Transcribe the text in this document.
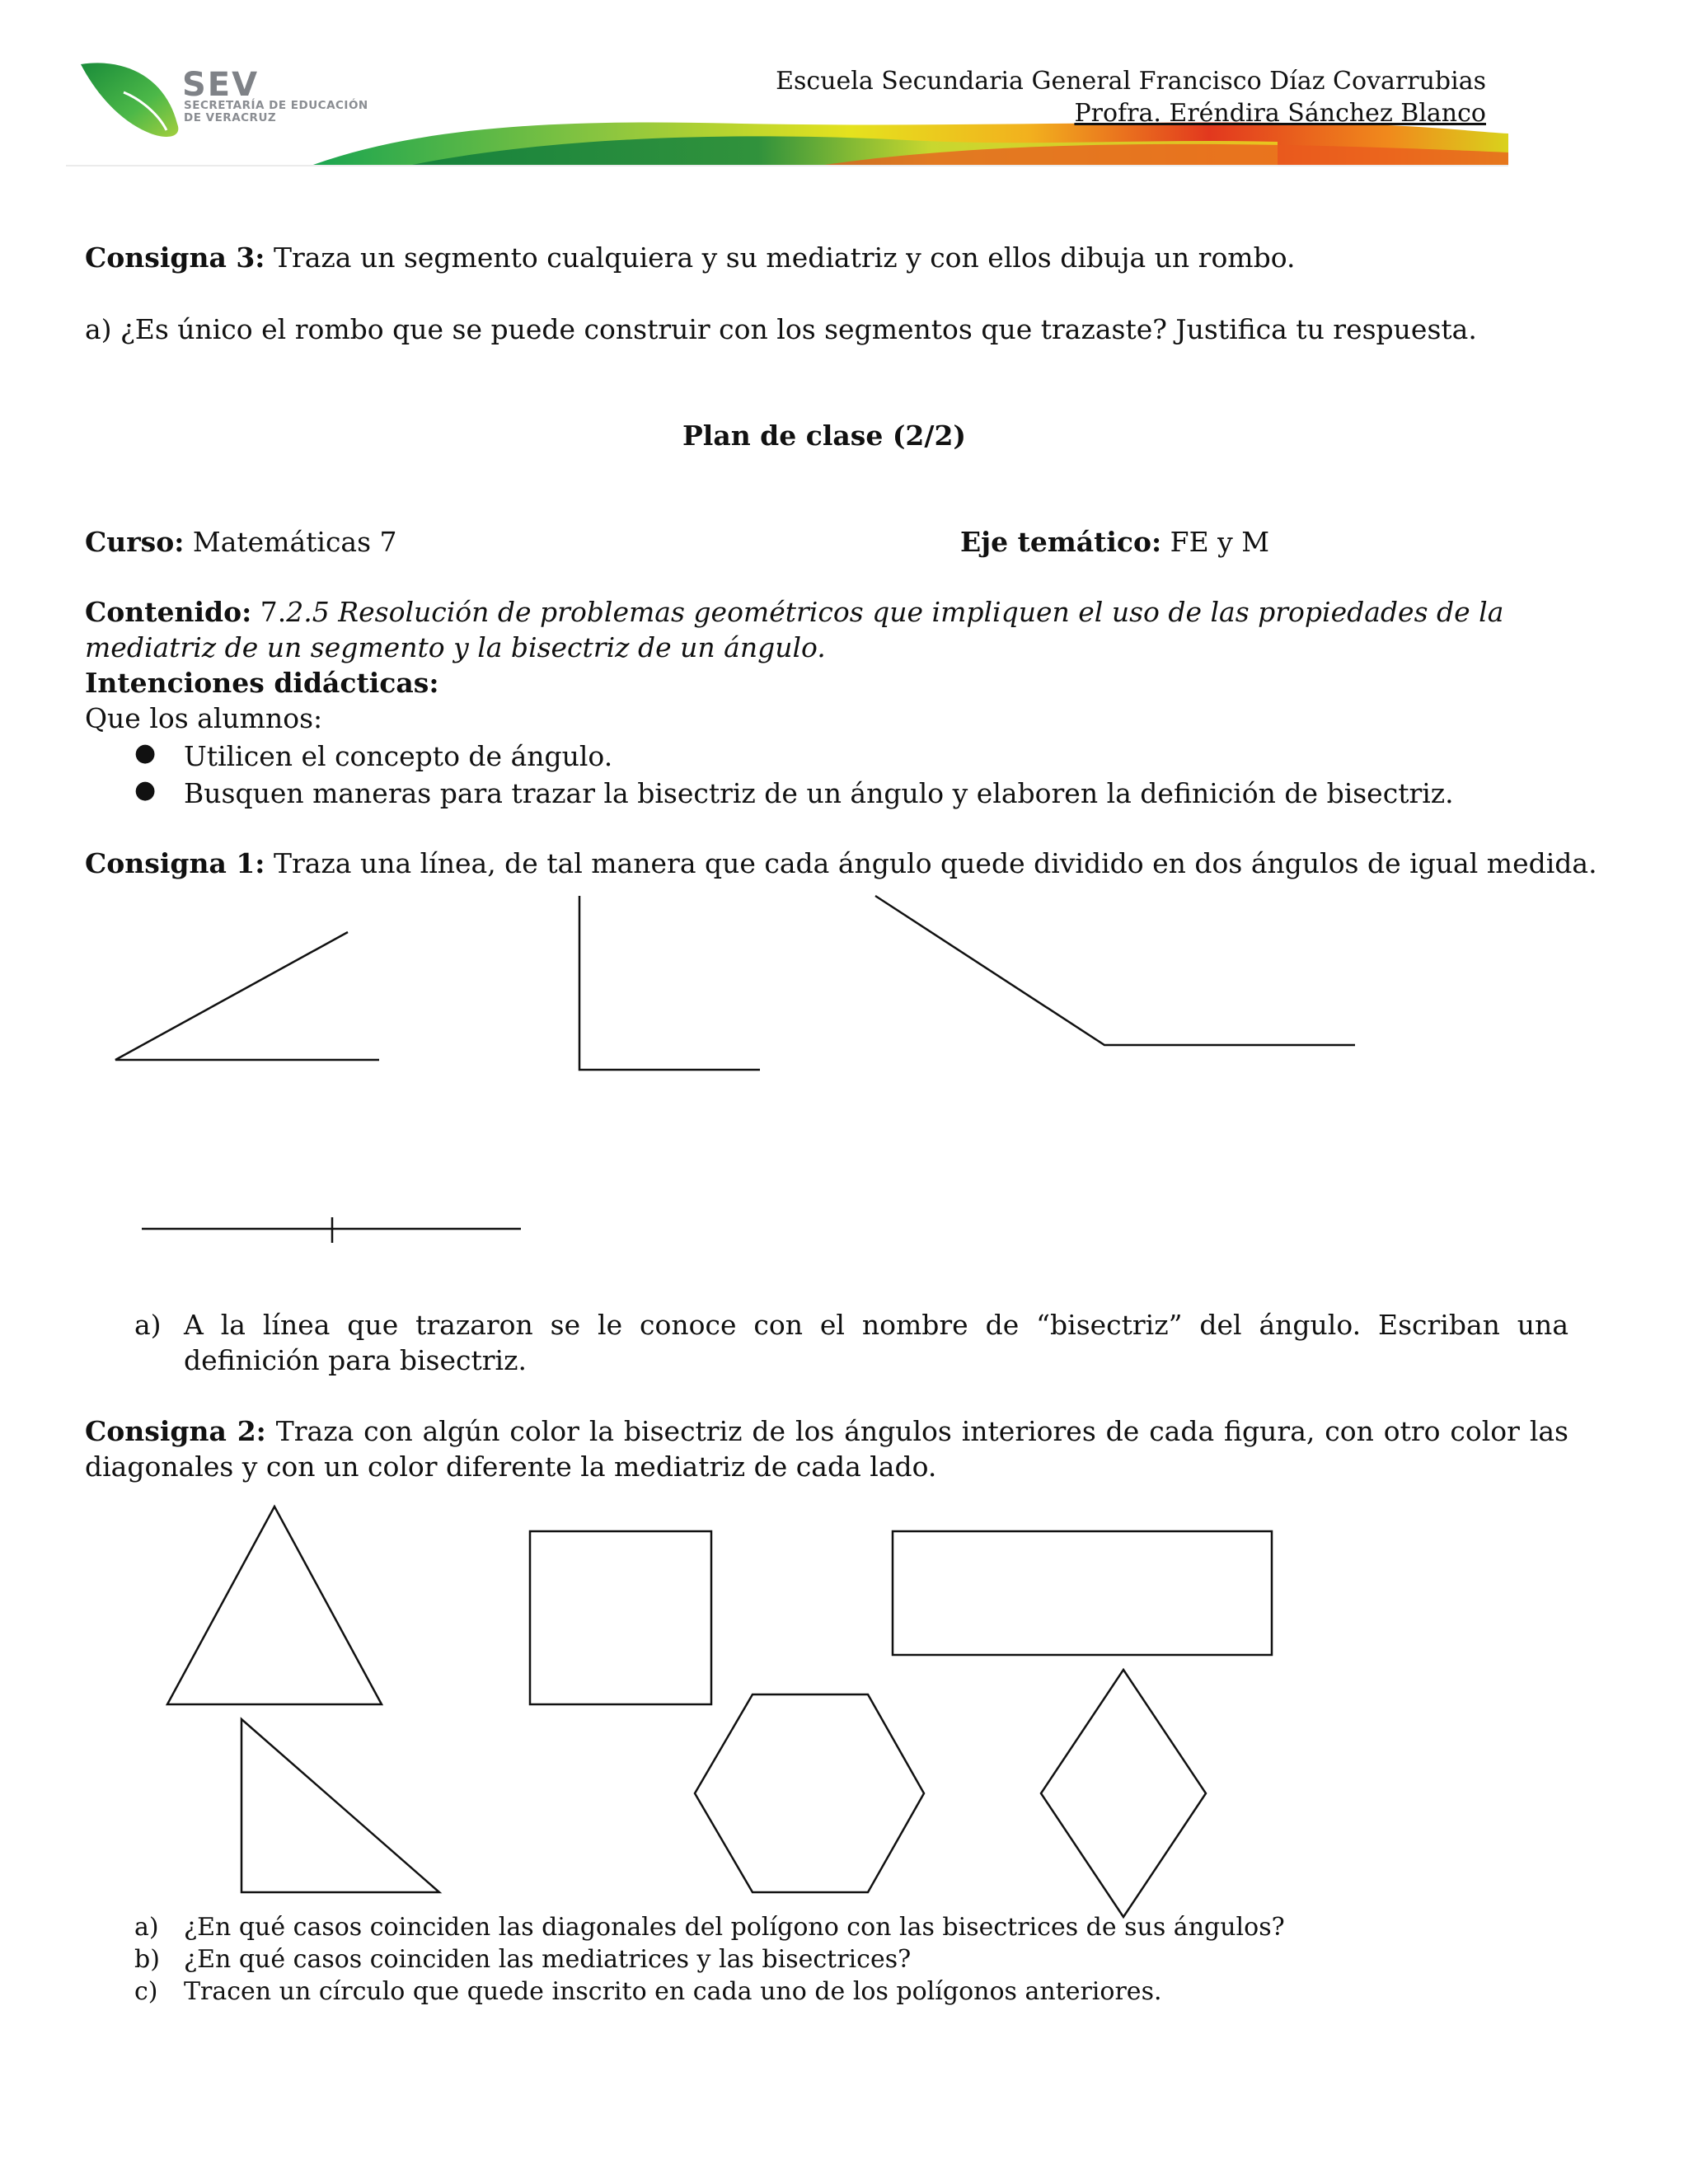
SEV
SECRETARÍA DE EDUCACIÓN
DE VERACRUZ
Escuela Secundaria General Francisco Díaz Covarrubias
Profra. Eréndira Sánchez Blanco
Consigna 3: Traza un segmento cualquiera y su mediatriz y con ellos dibuja un rombo.
a) ¿Es único el rombo que se puede construir con los segmentos que trazaste? Justifica tu respuesta.
Plan de clase (2/2)
Curso: Matemáticas 7	Eje temático: FE y M
Contenido: 7.2.5 Resolución de problemas geométricos que impliquen el uso de las propiedades de la mediatriz de un segmento y la bisectriz de un ángulo.
Intenciones didácticas:
Que los alumnos:
● Utilicen el concepto de ángulo.
● Busquen maneras para trazar la bisectriz de un ángulo y elaboren la definición de bisectriz.
Consigna 1: Traza una línea, de tal manera que cada ángulo quede dividido en dos ángulos de igual medida.
a) A la línea que trazaron se le conoce con el nombre de “bisectriz” del ángulo. Escriban una definición para bisectriz.
Consigna 2: Traza con algún color la bisectriz de los ángulos interiores de cada figura, con otro color las diagonales y con un color diferente la mediatriz de cada lado.
a) ¿En qué casos coinciden las diagonales del polígono con las bisectrices de sus ángulos?
b) ¿En qué casos coinciden las mediatrices y las bisectrices?
c) Tracen un círculo que quede inscrito en cada uno de los polígonos anteriores.
